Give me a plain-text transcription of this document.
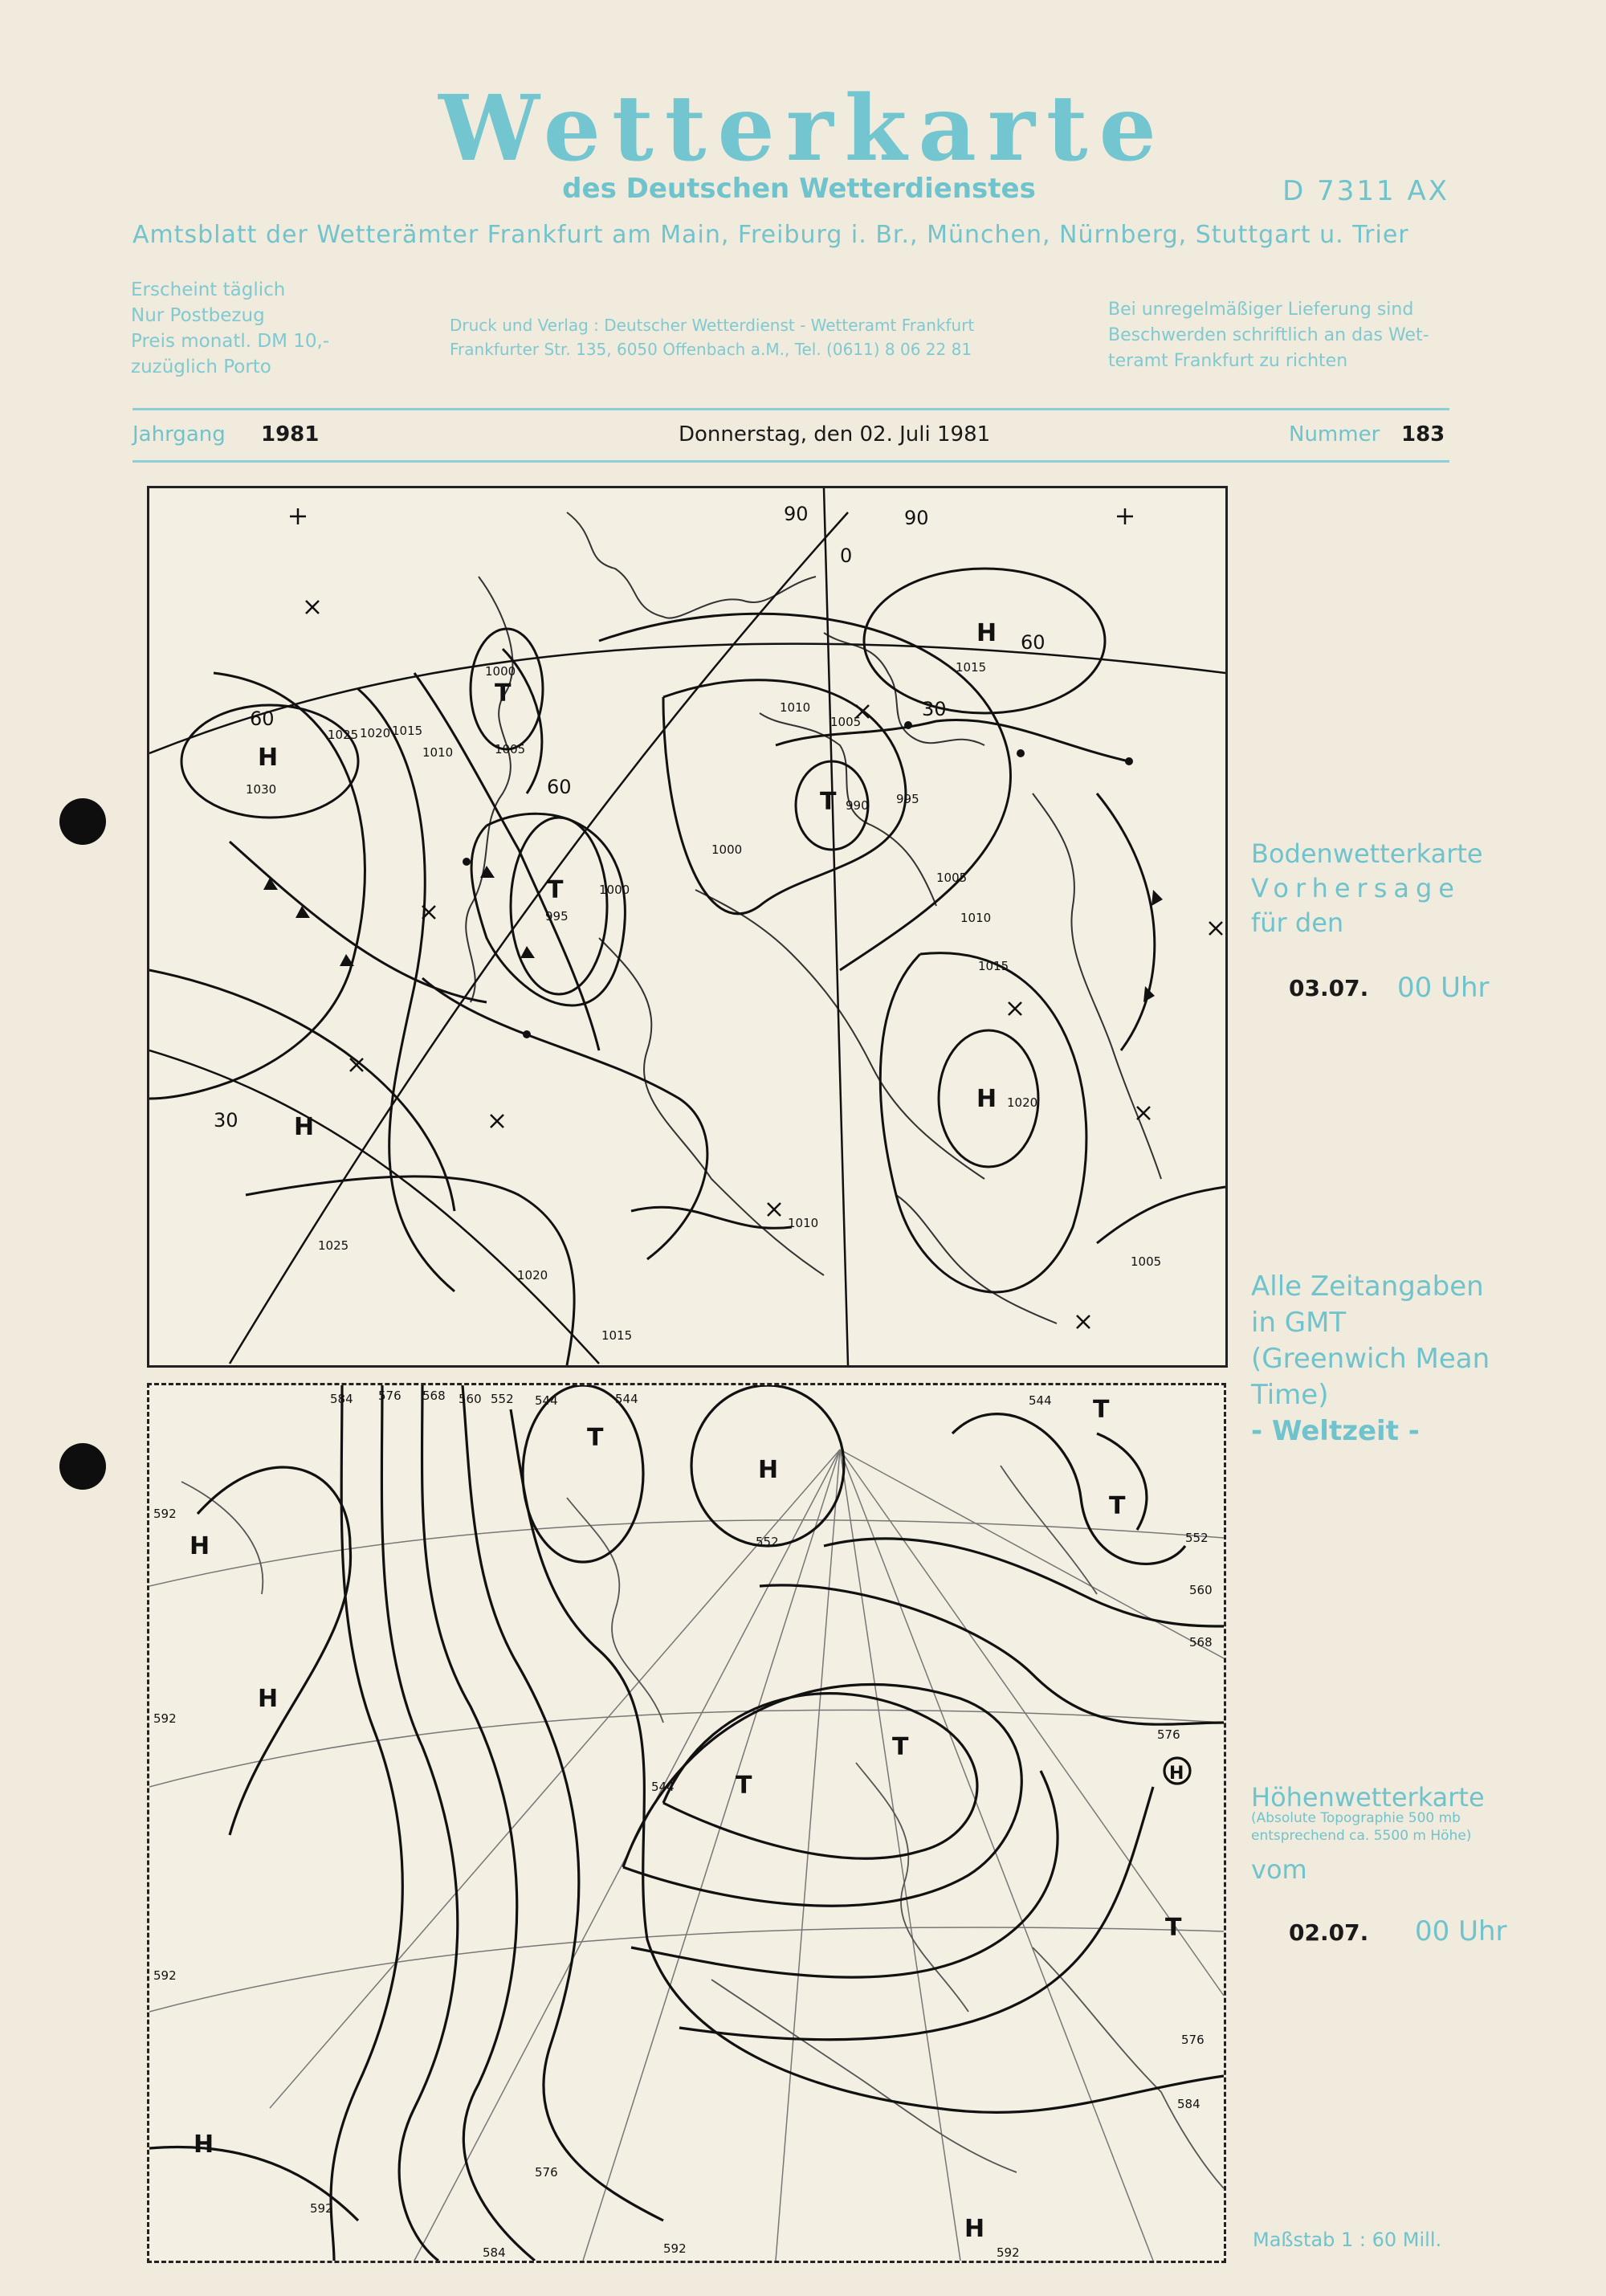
Wetterkarte
des Deutschen Wetterdienstes	D 7311 AX
Amtsblatt der Wetterämter Frankfurt am Main, Freiburg i. Br., München, Nürnberg, Stuttgart u. Trier
Erscheint täglich
Nur Postbezug
Preis monatl. DM 10,-
zuzüglich Porto
Druck und Verlag : Deutscher Wetterdienst - Wetteramt Frankfurt
Frankfurter Str. 135, 6050 Offenbach a.M., Tel. (0611) 8 06 22 81
Bei unregelmäßiger Lieferung sind
Beschwerden schriftlich an das Wet-
teramt Frankfurt zu richten
Jahrgang 1981	Donnerstag, den 02. Juli 1981	Nummer 183
H
H
H
H
T
T
T
1030
1025 1020 1015
1010	1005
1000
1010
1005
1015
990 995
1000
995
1000
1005
1010
1015
1020
1025
1020
1015
1010
1005
60
60
60
30
30
0
90	90
Bodenwetterkarte
Vorhersage
für den
03.07. 00 Uhr
Alle Zeitangaben
in GMT
(Greenwich Mean
Time)
- Weltzeit -
H
H
H
H
H
H
T
T
T
T
T
T
584 576 568 560 552 544	544	544
552
560
568
576
576
584
592
592
592
592
592	592
584
576
544
552
Höhenwetterkarte
(Absolute Topographie 500 mb
entsprechend ca. 5500 m Höhe)
vom
02.07. 00 Uhr
Maßstab 1 : 60 Mill.
